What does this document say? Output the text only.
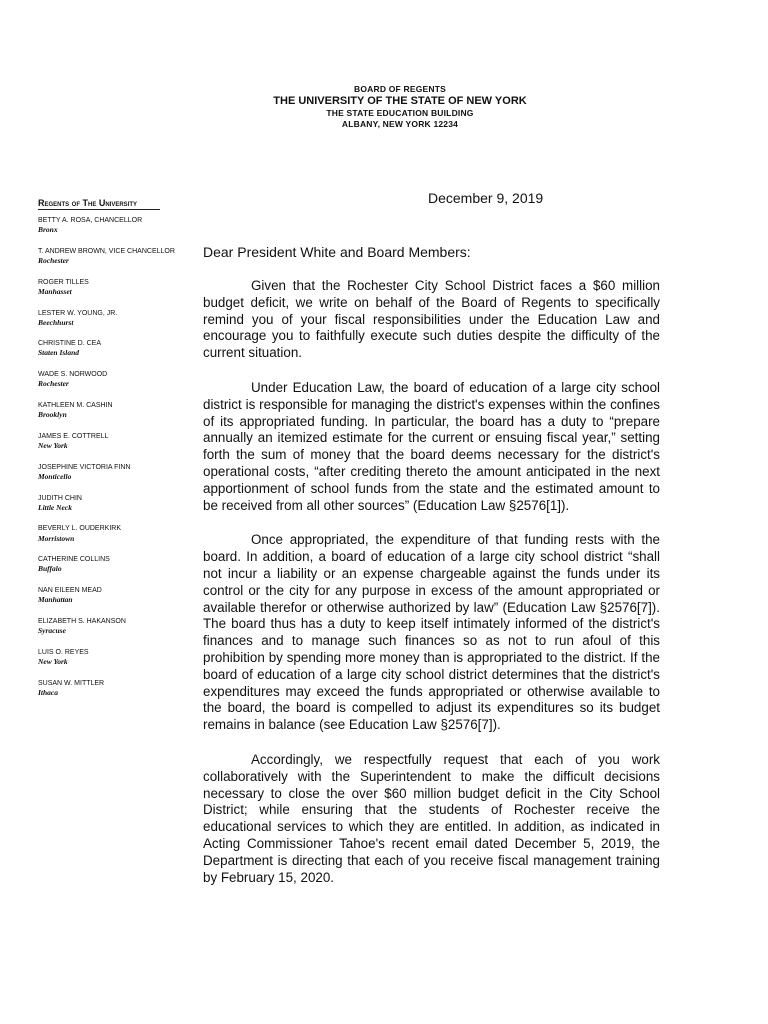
BOARD OF REGENTS
THE UNIVERSITY OF THE STATE OF NEW YORK
THE STATE EDUCATION BUILDING
ALBANY, NEW YORK 12234
Regents of The University
BETTY A. ROSA, CHANCELLOR
Bronx
T. ANDREW BROWN, VICE CHANCELLOR
Rochester
ROGER TILLES
Manhasset
LESTER W. YOUNG, JR.
Beechhurst
CHRISTINE D. CEA
Staten Island
WADE S. NORWOOD
Rochester
KATHLEEN M. CASHIN
Brooklyn
JAMES E. COTTRELL
New York
JOSEPHINE VICTORIA FINN
Monticello
JUDITH CHIN
Little Neck
BEVERLY L. OUDERKIRK
Morristown
CATHERINE COLLINS
Buffalo
NAN EILEEN MEAD
Manhattan
ELIZABETH S. HAKANSON
Syracuse
LUIS O. REYES
New York
SUSAN W. MITTLER
Ithaca
December 9, 2019
Dear President White and Board Members:

Given that the Rochester City School District faces a $60 million budget deficit, we write on behalf of the Board of Regents to specifically remind you of your fiscal responsibilities under the Education Law and encourage you to faithfully execute such duties despite the difficulty of the current situation.

Under Education Law, the board of education of a large city school district is responsible for managing the district's expenses within the confines of its appropriated funding. In particular, the board has a duty to “prepare annually an itemized estimate for the current or ensuing fiscal year,” setting forth the sum of money that the board deems necessary for the district's operational costs, “after crediting thereto the amount anticipated in the next apportionment of school funds from the state and the estimated amount to be received from all other sources” (Education Law §2576[1]).

Once appropriated, the expenditure of that funding rests with the board. In addition, a board of education of a large city school district “shall not incur a liability or an expense chargeable against the funds under its control or the city for any purpose in excess of the amount appropriated or available therefor or otherwise authorized by law” (Education Law §2576[7]). The board thus has a duty to keep itself intimately informed of the district's finances and to manage such finances so as not to run afoul of this prohibition by spending more money than is appropriated to the district. If the board of education of a large city school district determines that the district's expenditures may exceed the funds appropriated or otherwise available to the board, the board is compelled to adjust its expenditures so its budget remains in balance (see Education Law §2576[7]).

Accordingly, we respectfully request that each of you work collaboratively with the Superintendent to make the difficult decisions necessary to close the over $60 million budget deficit in the City School District; while ensuring that the students of Rochester receive the educational services to which they are entitled. In addition, as indicated in Acting Commissioner Tahoe's recent email dated December 5, 2019, the Department is directing that each of you receive fiscal management training by February 15, 2020.
